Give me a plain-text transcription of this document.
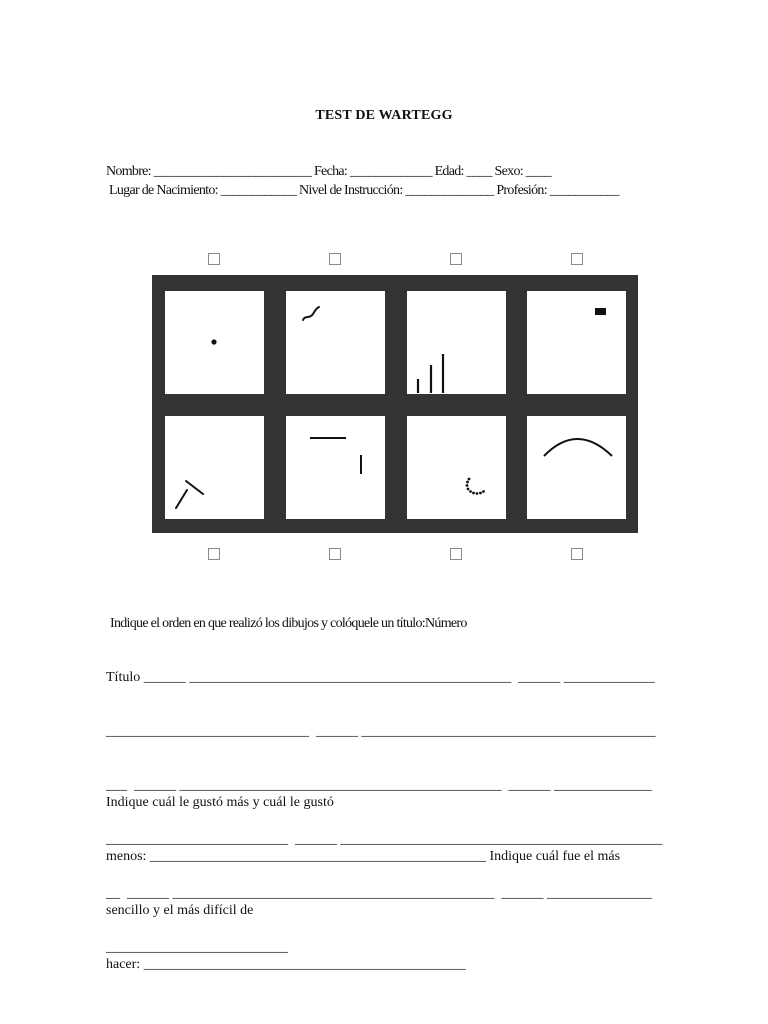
TEST DE WARTEGG
Nombre: _________________________ Fecha: _____________ Edad: ____ Sexo: ____
Lugar de Nacimiento: ____________ Nivel de Instrucción: ______________ Profesión: ___________
Indique el orden en que realizó los dibujos y colóquele un título:Número

Título ______ ______________________________________________  ______ _____________

_____________________________  ______ __________________________________________

___  ______ ______________________________________________  ______ ______________

__________________________  ______ ______________________________________________

__  ______ ______________________________________________  ______ _______________

__________________________

Indique cuál le gustó más y cuál le gustó

menos: ________________________________________________ Indique cuál fue el más

sencillo y el más difícil de

hacer: ______________________________________________
